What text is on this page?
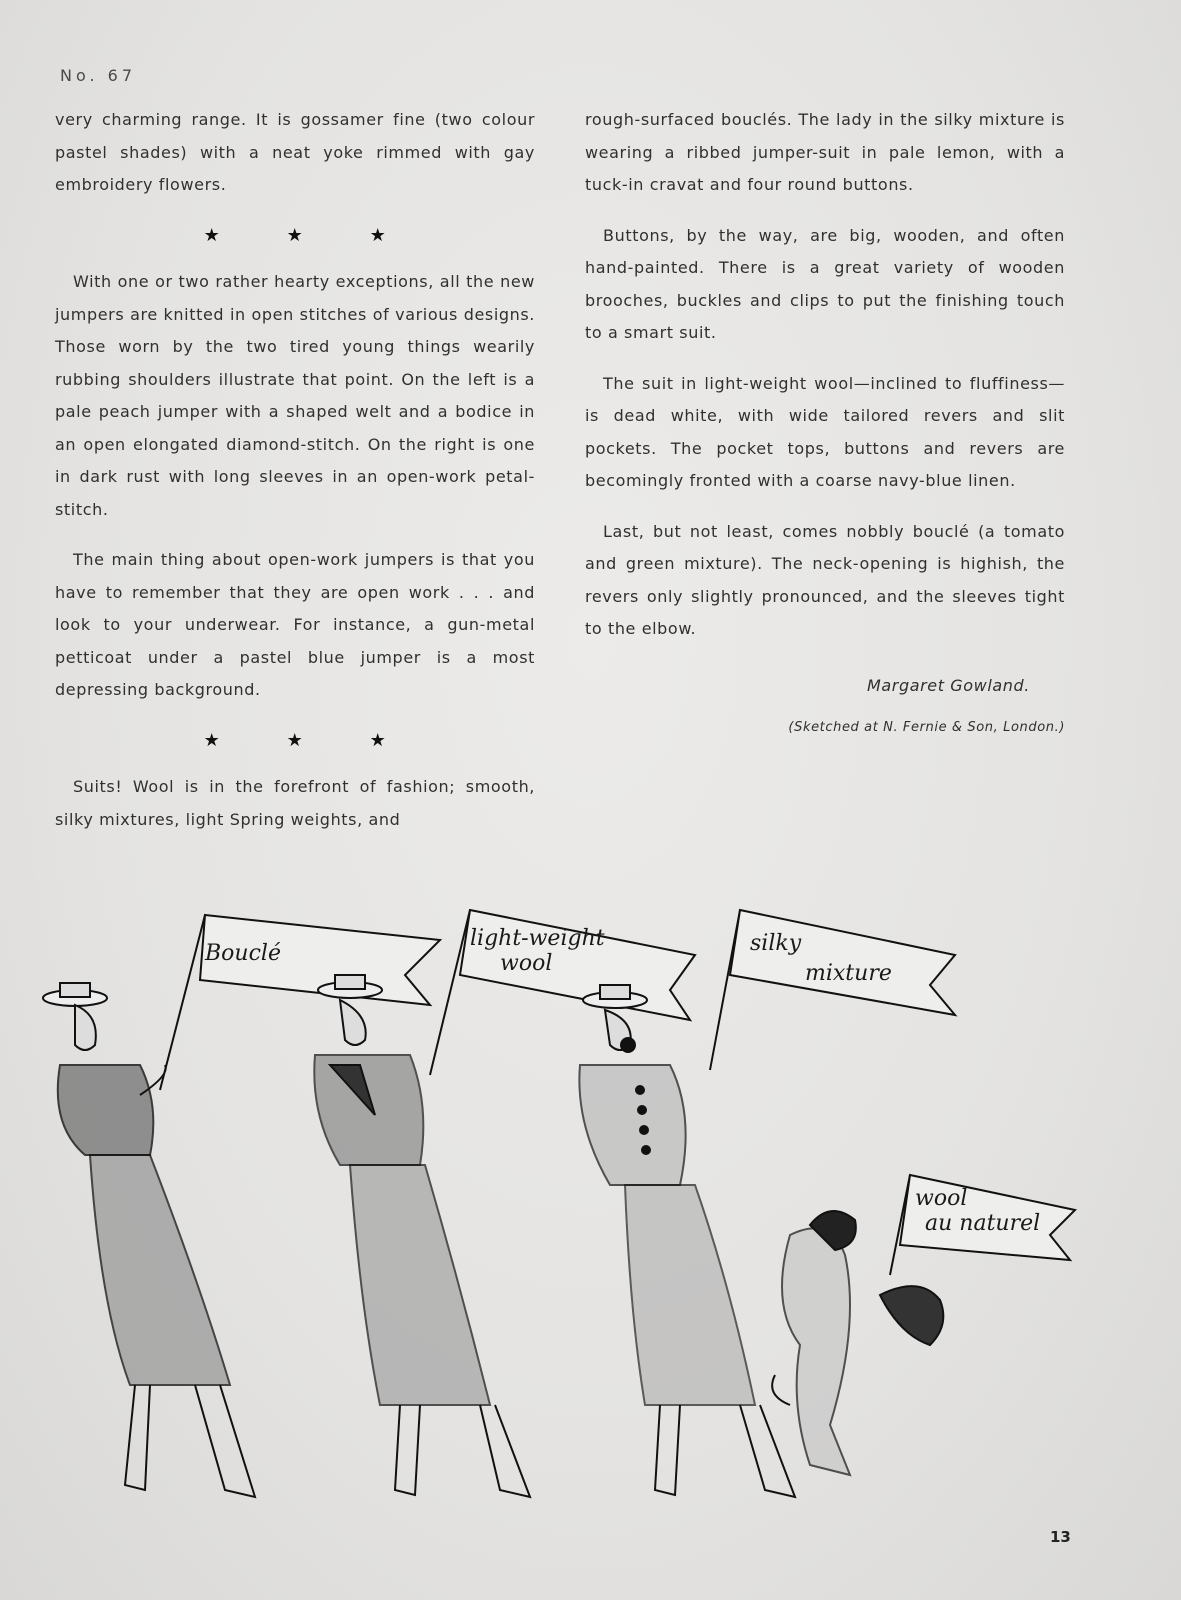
No. 67

very charming range. It is gossamer fine (two colour pastel shades) with a neat yoke rimmed with gay embroidery flowers.

★ ★ ★

With one or two rather hearty exceptions, all the new jumpers are knitted in open stitches of various designs. Those worn by the two tired young things wearily rubbing shoulders illustrate that point. On the left is a pale peach jumper with a shaped welt and a bodice in an open elongated diamond-stitch. On the right is one in dark rust with long sleeves in an open-work petal-stitch.

The main thing about open-work jumpers is that you have to remember that they are open work . . . and look to your underwear. For instance, a gun-metal petticoat under a pastel blue jumper is a most depressing background.

★ ★ ★

Suits! Wool is in the forefront of fashion; smooth, silky mixtures, light Spring weights, and

rough-surfaced bouclés. The lady in the silky mixture is wearing a ribbed jumper-suit in pale lemon, with a tuck-in cravat and four round buttons.

Buttons, by the way, are big, wooden, and often hand-painted. There is a great variety of wooden brooches, buckles and clips to put the finishing touch to a smart suit.

The suit in light-weight wool—inclined to fluffiness—is dead white, with wide tailored revers and slit pockets. The pocket tops, buttons and revers are becomingly fronted with a coarse navy-blue linen.

Last, but not least, comes nobbly bouclé (a tomato and green mixture). The neck-opening is highish, the revers only slightly pronounced, and the sleeves tight to the elbow.

Margaret Gowland.
(Sketched at N. Fernie & Son, London.)
Bouclé
light-weight
wool
silky
mixture
wool
au naturel
13
